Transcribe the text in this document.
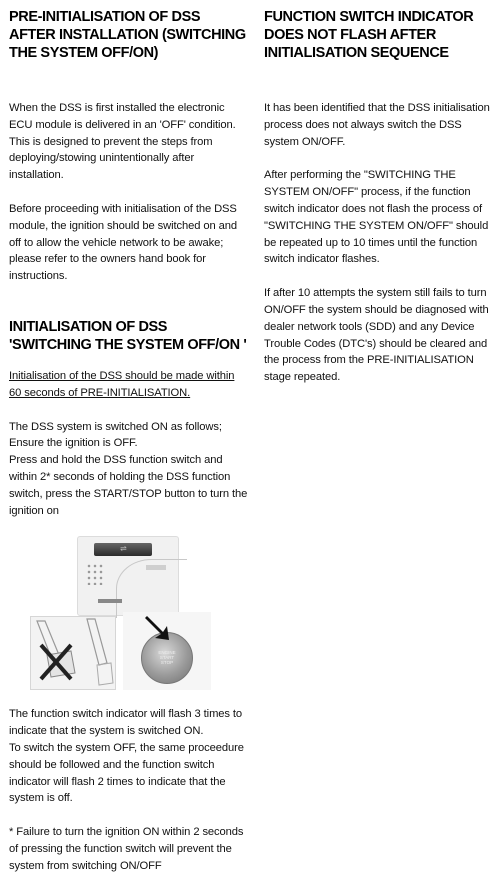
PRE-INITIALISATION OF DSS AFTER INSTALLATION (SWITCHING THE SYSTEM OFF/ON)

When the DSS is first installed the electronic ECU module is delivered in an 'OFF' condition. This is designed to prevent the steps from deploying/stowing unintentionally after installation.

Before proceeding with initialisation of the DSS module, the ignition should be switched on and off to allow the vehicle network to be awake; please refer to the owners hand book for instructions.

INITIALISATION OF DSS
'SWITCHING THE SYSTEM OFF/ON '

Initialisation of the DSS should be made within 60 seconds of PRE-INITIALISATION.

The DSS system is switched ON as follows; Ensure the ignition is OFF.

Press and hold the DSS function switch and within 2* seconds of holding the DSS function switch, press the START/STOP button to turn the ignition on

⇌
ENGINE
START
STOP

The function switch indicator will flash 3 times to indicate that the system is switched ON.

To switch the system OFF, the same proceedure should be followed and the function switch indicator will flash 2 times to indicate that the system is off.

* Failure to turn the ignition ON within 2 seconds of pressing the function switch will prevent the system from switching ON/OFF

FUNCTION SWITCH INDICATOR DOES NOT FLASH AFTER INITIALISATION SEQUENCE

It has been identified that the DSS initialisation process does not always switch the DSS system ON/OFF.

After performing the "SWITCHING THE SYSTEM ON/OFF" process, if the function switch indicator does not flash the process of "SWITCHING THE SYSTEM ON/OFF" should be repeated up to 10 times until the function switch indicator flashes.

If after 10 attempts the system still fails to turn ON/OFF the system should be diagnosed with dealer network tools (SDD) and any Device Trouble Codes (DTC's) should be cleared and the process from the PRE-INITIALISATION stage repeated.
